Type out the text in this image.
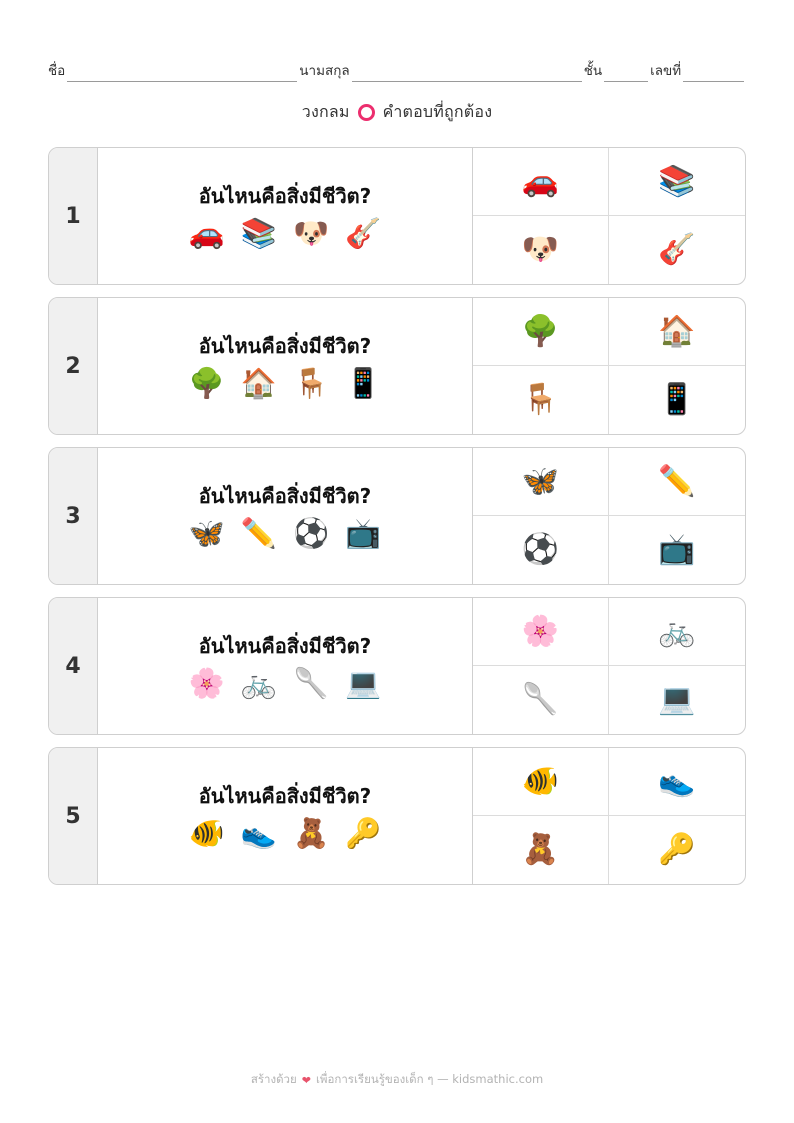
ชื่อ	นามสกุล	ชั้น	เลขที่
วงกลม คำตอบที่ถูกต้อง
1
อันไหนคือสิ่งมีชีวิต?
🚗 📚 🐶 🎸
🚗	📚
🐶	🎸
2
อันไหนคือสิ่งมีชีวิต?
🌳 🏠 🪑 📱
🌳	🏠
🪑	📱
3
อันไหนคือสิ่งมีชีวิต?
🦋 ✏️ ⚽ 📺
🦋	✏️
⚽	📺
4
อันไหนคือสิ่งมีชีวิต?
🌸 🚲 🥄 💻
🌸	🚲
🥄	💻
5
อันไหนคือสิ่งมีชีวิต?
🐠 👟 🧸 🔑
🐠	👟
🧸	🔑
สร้างด้วย ❤ เพื่อการเรียนรู้ของเด็ก ๆ — kidsmathic.com
